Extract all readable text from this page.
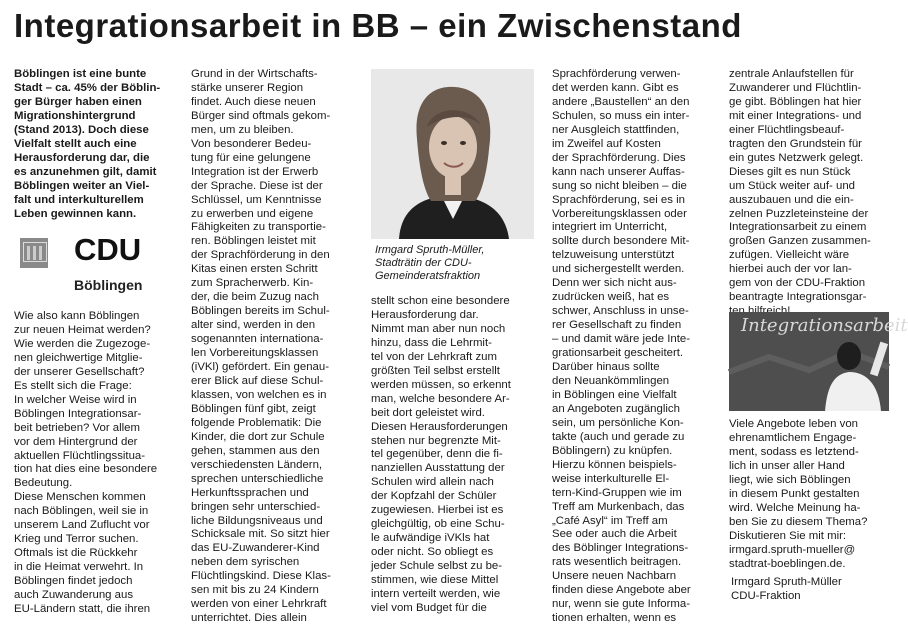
Integrationsarbeit in BB – ein Zwischenstand
Böblingen ist eine bunte
Stadt – ca. 45% der Böblin-
ger Bürger haben einen
Migrationshintergrund
(Stand 2013). Doch diese
Vielfalt stellt auch eine
Herausforderung dar, die
es anzunehmen gilt, damit
Böblingen weiter an Viel-
falt und interkulturellem
Leben gewinnen kann.
CDU
Böblingen
Wie also kann Böblingen
zur neuen Heimat werden?
Wie werden die Zugezoge-
nen gleichwertige Mitglie-
der unserer Gesellschaft?
Es stellt sich die Frage:
In welcher Weise wird in
Böblingen Integrationsar-
beit betrieben? Vor allem
vor dem Hintergrund der
aktuellen Flüchtlingssitua-
tion hat dies eine besondere
Bedeutung.
Diese Menschen kommen
nach Böblingen, weil sie in
unserem Land Zuflucht vor
Krieg und Terror suchen.
Oftmals ist die Rückkehr
in die Heimat verwehrt. In
Böblingen findet jedoch
auch Zuwanderung aus
EU-Ländern statt, die ihren
Grund in der Wirtschafts-
stärke unserer Region
findet. Auch diese neuen
Bürger sind oftmals gekom-
men, um zu bleiben.
Von besonderer Bedeu-
tung für eine gelungene
Integration ist der Erwerb
der Sprache. Diese ist der
Schlüssel, um Kenntnisse
zu erwerben und eigene
Fähigkeiten zu transportie-
ren. Böblingen leistet mit
der Sprachförderung in den
Kitas einen ersten Schritt
zum Spracherwerb. Kin-
der, die beim Zuzug nach
Böblingen bereits im Schul-
alter sind, werden in den
sogenannten internationa-
len Vorbereitungsklassen
(iVKl) gefördert. Ein genau-
erer Blick auf diese Schul-
klassen, von welchen es in
Böblingen fünf gibt, zeigt
folgende Problematik: Die
Kinder, die dort zur Schule
gehen, stammen aus den
verschiedensten Ländern,
sprechen unterschiedliche
Herkunftssprachen und
bringen sehr unterschied-
liche Bildungsniveaus und
Schicksale mit. So sitzt hier
das EU-Zuwanderer-Kind
neben dem syrischen
Flüchtlingskind. Diese Klas-
sen mit bis zu 24 Kindern
werden von einer Lehrkraft
unterrichtet. Dies allein
Irmgard Spruth-Müller,
Stadträtin der CDU-
Gemeinderatsfraktion
stellt schon eine besondere
Herausforderung dar.
Nimmt man aber nun noch
hinzu, dass die Lehrmit-
tel von der Lehrkraft zum
größten Teil selbst erstellt
werden müssen, so erkennt
man, welche besondere Ar-
beit dort geleistet wird.
Diesen Herausforderungen
stehen nur begrenzte Mit-
tel gegenüber, denn die fi-
nanziellen Ausstattung der
Schulen wird allein nach
der Kopfzahl der Schüler
zugewiesen. Hierbei ist es
gleichgültig, ob eine Schu-
le aufwändige iVKls hat
oder nicht. So obliegt es
jeder Schule selbst zu be-
stimmen, wie diese Mittel
intern verteilt werden, wie
viel vom Budget für die
Sprachförderung verwen-
det werden kann. Gibt es
andere „Baustellen“ an den
Schulen, so muss ein inter-
ner Ausgleich stattfinden,
im Zweifel auf Kosten
der Sprachförderung. Dies
kann nach unserer Auffas-
sung so nicht bleiben – die
Sprachförderung, sei es in
Vorbereitungsklassen oder
integriert im Unterricht,
sollte durch besondere Mit-
telzuweisung unterstützt
und sichergestellt werden.
Denn wer sich nicht aus-
zudrücken weiß, hat es
schwer, Anschluss in unse-
rer Gesellschaft zu finden
– und damit wäre jede Inte-
grationsarbeit gescheitert.
Darüber hinaus sollte
den Neuankömmlingen
in Böblingen eine Vielfalt
an Angeboten zugänglich
sein, um persönliche Kon-
takte (auch und gerade zu
Böblingern) zu knüpfen.
Hierzu können beispiels-
weise interkulturelle El-
tern-Kind-Gruppen wie im
Treff am Murkenbach, das
„Café Asyl“ im Treff am
See oder auch die Arbeit
des Böblinger Integrations-
rats wesentlich beitragen.
Unsere neuen Nachbarn
finden diese Angebote aber
nur, wenn sie gute Informa-
tionen erhalten, wenn es
zentrale Anlaufstellen für
Zuwanderer und Flüchtlin-
ge gibt. Böblingen hat hier
mit einer Integrations- und
einer Flüchtlingsbeauf-
tragten den Grundstein für
ein gutes Netzwerk gelegt.
Dieses gilt es nun Stück
um Stück weiter auf- und
auszubauen und die ein-
zelnen Puzzleteinsteine der
Integrationsarbeit zu einem
großen Ganzen zusammen-
zufügen. Vielleicht wäre
hierbei auch der vor lan-
gem von der CDU-Fraktion
beantragte Integrationsgar-
Integrationsarbeit
Viele Angebote leben von
ehrenamtlichem Engage-
ment, sodass es letztend-
lich in unser aller Hand
liegt, wie sich Böblingen
in diesem Punkt gestalten
wird. Welche Meinung ha-
ben Sie zu diesem Thema?
Diskutieren Sie mit mir:
irmgard.spruth-mueller@
stadtrat-boeblingen.de.
Irmgard Spruth-Müller
CDU-Fraktion
